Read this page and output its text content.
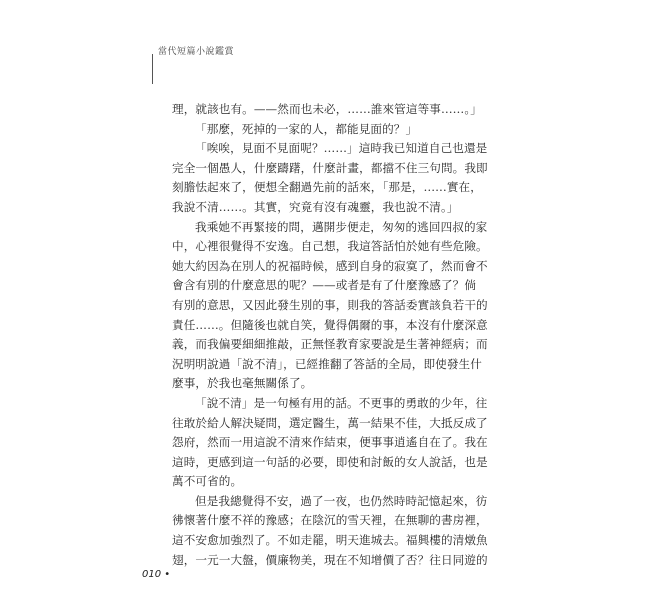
當代短篇小說鑑賞
理，就該也有。——然而也未必，……誰來管這等事……。」
「那麼，死掉的一家的人，都能見面的？」
「唉唉，見面不見面呢？……」這時我已知道自己也還是
完全一個愚人，什麼躊躇，什麼計畫，都擋不住三句問。我即
刻膽怯起來了，便想全翻過先前的話來，「那是，……實在，
我說不清……。其實，究竟有沒有魂靈，我也說不清。」
我乘她不再緊接的問，邁開步便走，匆匆的逃回四叔的家
中，心裡很覺得不安逸。自己想，我這答話怕於她有些危險。
她大約因為在別人的祝福時候，感到自身的寂寞了，然而會不
會含有別的什麼意思的呢？——或者是有了什麼豫感了？倘
有別的意思，又因此發生別的事，則我的答話委實該負若干的
責任……。但隨後也就自笑，覺得偶爾的事，本沒有什麼深意
義，而我偏要細細推敲，正無怪教育家要說是生著神經病；而
況明明說過「說不清」，已經推翻了答話的全局，即使發生什
麼事，於我也毫無關係了。
「說不清」是一句極有用的話。不更事的勇敢的少年，往
往敢於給人解決疑問，選定醫生，萬一結果不佳，大抵反成了
怨府，然而一用這說不清來作結束，便事事逍遙自在了。我在
這時，更感到這一句話的必要，即使和討飯的女人說話，也是
萬不可省的。
但是我總覺得不安，過了一夜，也仍然時時記憶起來，彷
彿懷著什麼不祥的豫感；在陰沉的雪天裡，在無聊的書房裡，
這不安愈加強烈了。不如走罷，明天進城去。福興樓的清燉魚
翅，一元一大盤，價廉物美，現在不知增價了否？往日同遊的
010 •
